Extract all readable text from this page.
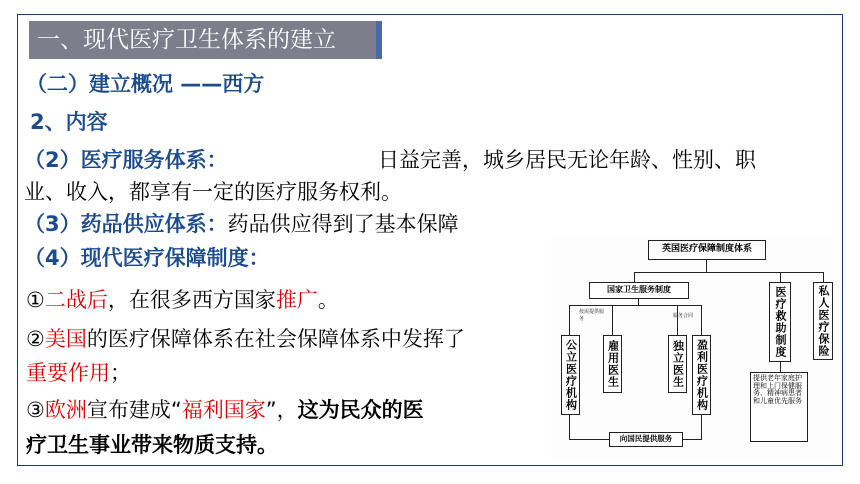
一、现代医疗卫生体系的建立
（二）建立概况 ——西方
2、内容
（2）医疗服务体系：	日益完善，城乡居民无论年龄、性别、职
业、收入，都享有一定的医疗服务权利。
（3）药品供应体系：药品供应得到了基本保障
（4）现代医疗保障制度：
①二战后，在很多西方国家推广。
②美国的医疗保障体系在社会保障体系中发挥了
重要作用；
③欧洲宣布建成“福利国家”，这为民众的医
疗卫生事业带来物质支持。
英国医疗保障制度体系
国家卫生服务制度
按需提供服务	服务合同
公立医疗机构	雇用医生	独立医生	盈利医疗机构
医疗救助制度	私人医疗保险
提供老年家庭护理和上门保健服务、精神病患者和儿童优先服务
向国民提供服务
